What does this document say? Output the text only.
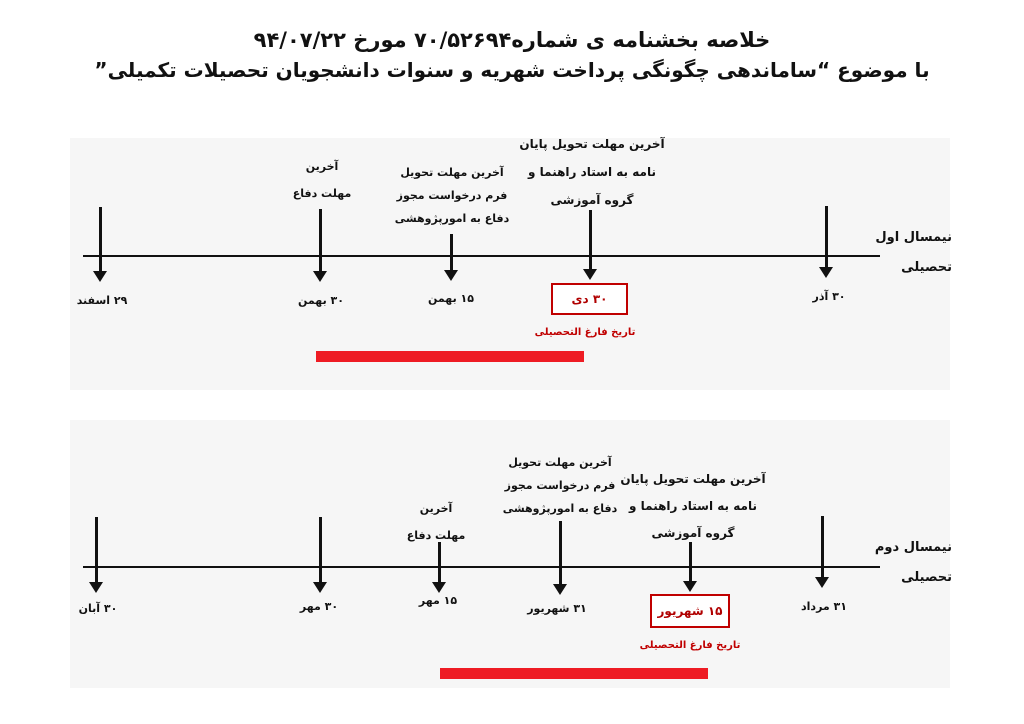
خلاصه بخشنامه ی شماره۷۰/۵۲۶۹۴ مورخ ۹۴/۰۷/۲۲
با موضوع “ساماندهی چگونگی پرداخت شهریه و سنوات دانشجویان تحصیلات تکمیلی”
نیمسال اول
تحصیلی
آخرین مهلت تحویل پایان
نامه به استاد راهنما و
گروه آموزشی
آخرین مهلت تحویل
فرم درخواست مجوز
دفاع به امورپژوهشی
آخرین
مهلت دفاع
۳۰ آذر
۱۵ بهمن
۳۰ بهمن
۲۹ اسفند	۳۰ دی
تاریخ فارغ التحصیلی
نیمسال دوم
تحصیلی
آخرین مهلت تحویل پایان
نامه به استاد راهنما و
گروه آموزشی
آخرین مهلت تحویل
فرم درخواست مجوز
دفاع به امورپژوهشی
آخرین
مهلت دفاع
۳۱ مرداد
۳۱ شهریور
۱۵ مهر
۳۰ مهر
۳۰ آبان	۱۵ شهریور
تاریخ فارغ التحصیلی
